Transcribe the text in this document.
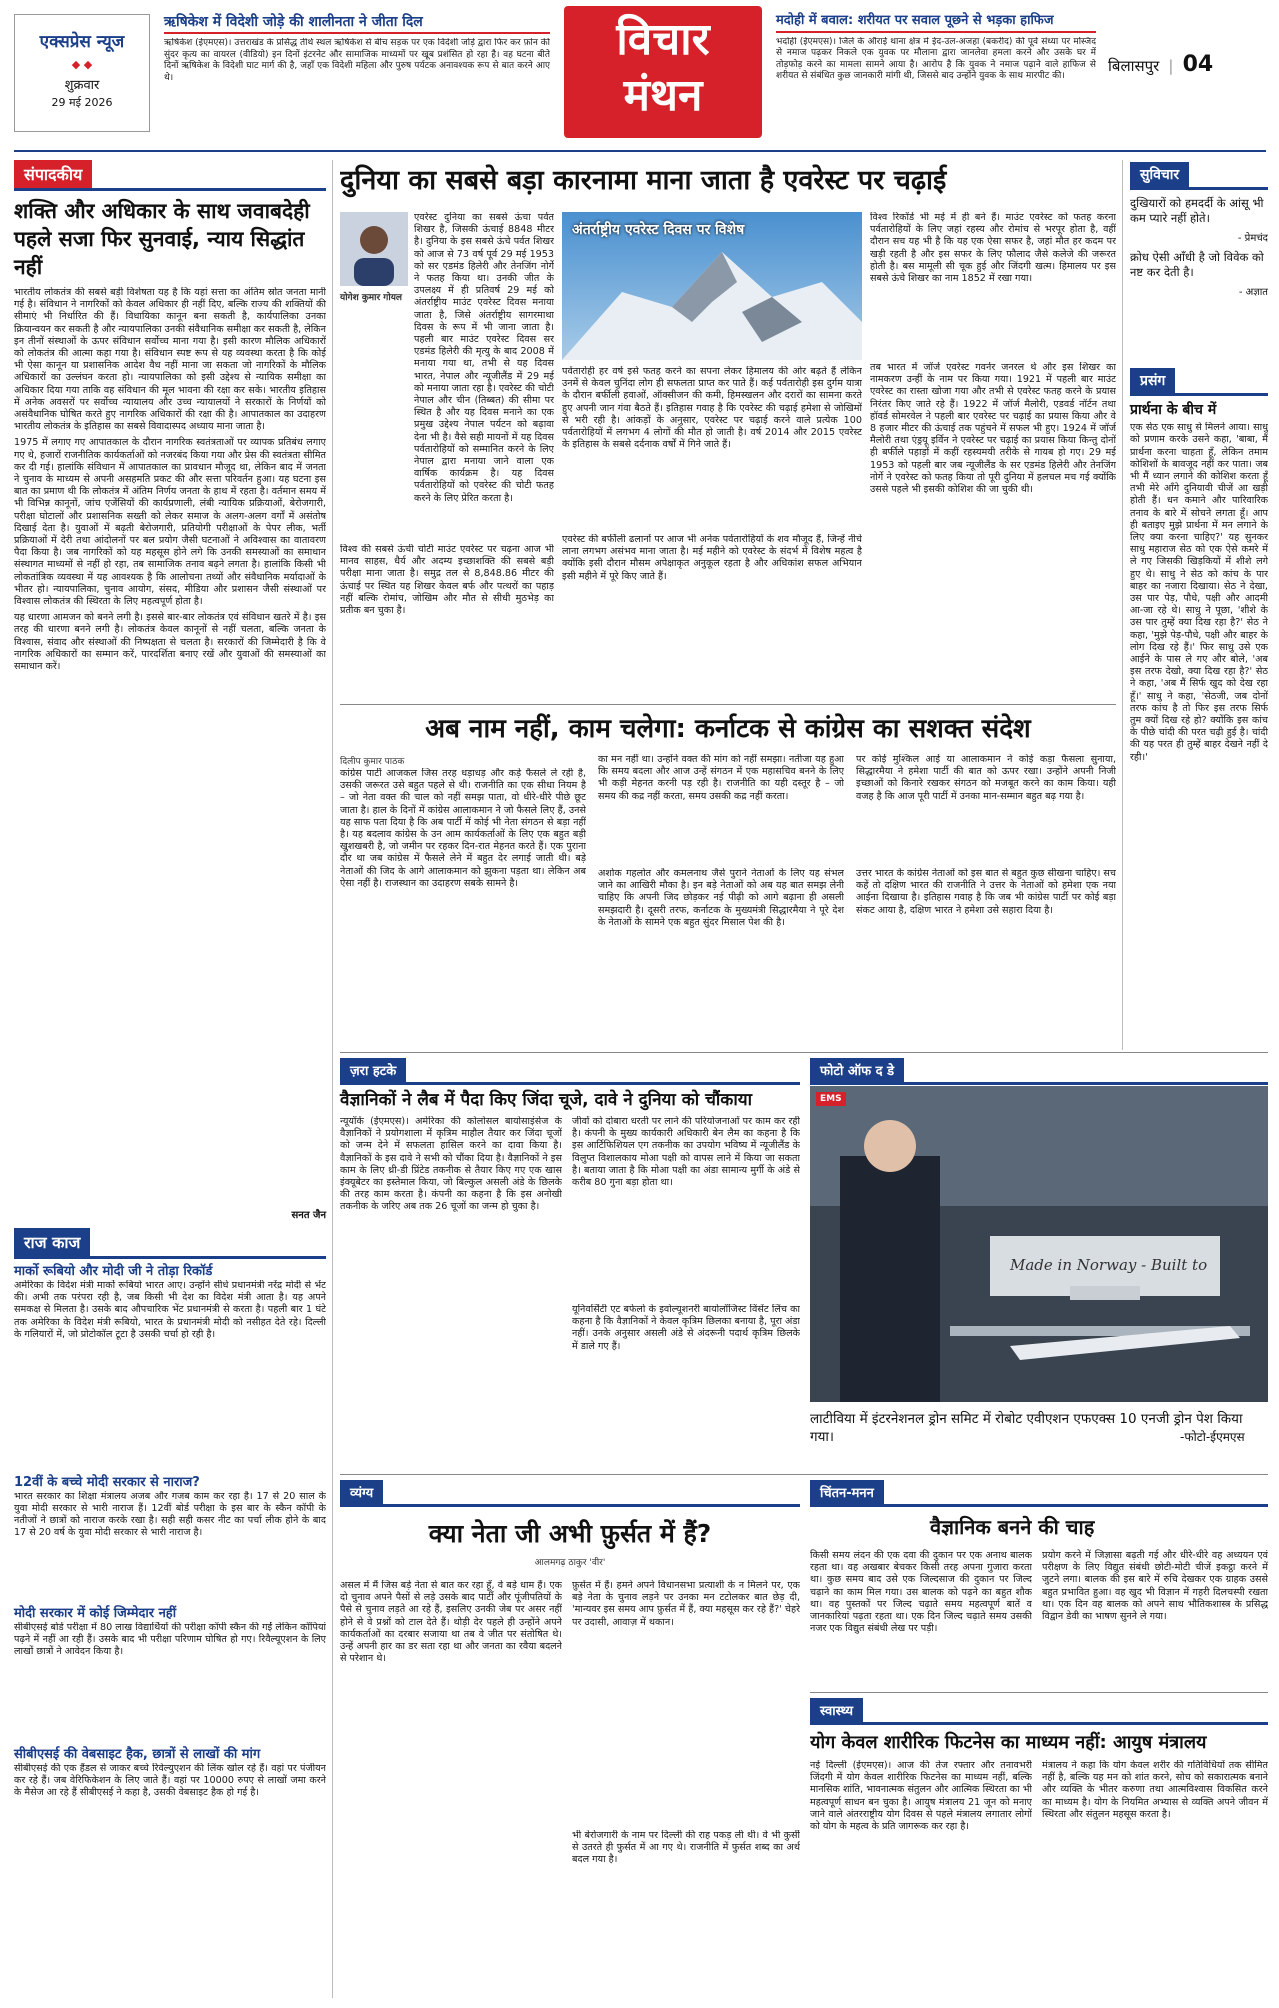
एक्सप्रेस न्यूज
◆ ◆
शुक्रवार
29 मई 2026
ऋषिकेश में विदेशी जोड़े की शालीनता ने जीता दिल
ऋषिकेश (ईएमएस)। उत्तराखंड के प्रसिद्ध तीर्थ स्थल ऋषिकेश से बीच सड़क पर एक विदेशी जोड़े द्वारा फिर कर फ़ोन की सुंदर कृत्य का वायरल (वीडियो) इन दिनों इंटरनेट और सामाजिक माध्यमों पर खूब प्रशंसित हो रहा है। वह घटना बीते दिनों ऋषिकेश के विदेशी घाट मार्ग की है, जहाँ एक विदेशी महिला और पुरुष पर्यटक अनावश्यक रूप से बात करने आए थे।
विचार
मंथन
मदोही में बवाल: शरीयत पर सवाल पूछने से भड़का हाफिज
भदोही (ईएमएस)। जिले के औराई थाना क्षेत्र में ईद-उल-अजहा (बकरीद) की पूर्व संध्या पर मस्जिद से नमाज पढ़कर निकले एक युवक पर मौलाना द्वारा जानलेवा हमला करने और उसके घर में तोड़फोड़ करने का मामला सामने आया है। आरोप है कि युवक ने नमाज पढ़ाने वाले हाफिज से शरीयत से संबंधित कुछ जानकारी मांगी थी, जिससे बाद उन्होंने युवक के साथ मारपीट की।
बिलासपुर | 04
संपादकीय
शक्ति और अधिकार के साथ जवाबदेही पहले सजा फिर सुनवाई, न्याय सिद्धांत नहीं

भारतीय लोकतंत्र की सबसे बड़ी विशेषता यह है कि यहां सत्ता का अंतिम स्रोत जनता मानी गई है। संविधान ने नागरिकों को केवल अधिकार ही नहीं दिए, बल्कि राज्य की शक्तियों की सीमाएं भी निर्धारित की हैं। विधायिका कानून बना सकती है, कार्यपालिका उनका क्रियान्वयन कर सकती है और न्यायपालिका उनकी संवैधानिक समीक्षा कर सकती है, लेकिन इन तीनों संस्थाओं के ऊपर संविधान सर्वोच्च माना गया है। इसी कारण मौलिक अधिकारों को लोकतंत्र की आत्मा कहा गया है। संविधान स्पष्ट रूप से यह व्यवस्था करता है कि कोई भी ऐसा कानून या प्रशासनिक आदेश वैध नहीं माना जा सकता जो नागरिकों के मौलिक अधिकारों का उल्लंघन करता हो। न्यायपालिका को इसी उद्देश्य से न्यायिक समीक्षा का अधिकार दिया गया ताकि वह संविधान की मूल भावना की रक्षा कर सके। भारतीय इतिहास में अनेक अवसरों पर सर्वोच्च न्यायालय और उच्च न्यायालयों ने सरकारों के निर्णयों को असंवैधानिक घोषित करते हुए नागरिक अधिकारों की रक्षा की है। आपातकाल का उदाहरण भारतीय लोकतंत्र के इतिहास का सबसे विवादास्पद अध्याय माना जाता है।

1975 में लगाए गए आपातकाल के दौरान नागरिक स्वतंत्रताओं पर व्यापक प्रतिबंध लगाए गए थे, हजारों राजनीतिक कार्यकर्ताओं को नजरबंद किया गया और प्रेस की स्वतंत्रता सीमित कर दी गई। हालांकि संविधान में आपातकाल का प्रावधान मौजूद था, लेकिन बाद में जनता ने चुनाव के माध्यम से अपनी असहमति प्रकट की और सत्ता परिवर्तन हुआ। यह घटना इस बात का प्रमाण थी कि लोकतंत्र में अंतिम निर्णय जनता के हाथ में रहता है। वर्तमान समय में भी विभिन्न कानूनों, जांच एजेंसियों की कार्यप्रणाली, लंबी न्यायिक प्रक्रियाओं, बेरोजगारी, परीक्षा घोटालों और प्रशासनिक सख्ती को लेकर समाज के अलग-अलग वर्गों में असंतोष दिखाई देता है। युवाओं में बढ़ती बेरोजगारी, प्रतियोगी परीक्षाओं के पेपर लीक, भर्ती प्रक्रियाओं में देरी तथा आंदोलनों पर बल प्रयोग जैसी घटनाओं ने अविश्वास का वातावरण पैदा किया है। जब नागरिकों को यह महसूस होने लगे कि उनकी समस्याओं का समाधान संस्थागत माध्यमों से नहीं हो रहा, तब सामाजिक तनाव बढ़ने लगता है। हालांकि किसी भी लोकतांत्रिक व्यवस्था में यह आवश्यक है कि आलोचना तथ्यों और संवैधानिक मर्यादाओं के भीतर हो। न्यायपालिका, चुनाव आयोग, संसद, मीडिया और प्रशासन जैसी संस्थाओं पर विश्वास लोकतंत्र की स्थिरता के लिए महत्वपूर्ण होता है।

यह धारणा आमजन को बनने लगी है। इससे बार-बार लोकतंत्र एवं संविधान खतरे में है। इस तरह की धारणा बनने लगी है। लोकतंत्र केवल कानूनों से नहीं चलता, बल्कि जनता के विश्वास, संवाद और संस्थाओं की निष्पक्षता से चलता है। सरकारों की जिम्मेदारी है कि वे नागरिक अधिकारों का सम्मान करें, पारदर्शिता बनाए रखें और युवाओं की समस्याओं का समाधान करें।

सनत जैन
राज काज
मार्को रूबियो और मोदी जी ने तोड़ा रिकॉर्ड
अमेरिका के विदेश मंत्री मार्को रूबियो भारत आए। उन्होंने सीधे प्रधानमंत्री नरेंद्र मोदी से भेंट की। अभी तक परंपरा रही है, जब किसी भी देश का विदेश मंत्री आता है। यह अपने समकक्ष से मिलता है। उसके बाद औपचारिक भेंट प्रधानमंत्री से करता है। पहली बार 1 घंटे तक अमेरिका के विदेश मंत्री रूबियो, भारत के प्रधानमंत्री मोदी को नसीहत देते रहे। दिल्ली के गलियारों में, जो प्रोटोकॉल टूटा है उसकी चर्चा हो रही है।
12वीं के बच्चे मोदी सरकार से नाराज?
भारत सरकार का शिक्षा मंत्रालय अजब और गजब काम कर रहा है। 17 से 20 साल के युवा मोदी सरकार से भारी नाराज हैं। 12वीं बोर्ड परीक्षा के इस बार के स्कैन कॉपी के नतीजों ने छात्रों को नाराज करके रखा है। सही सही कसर नीट का पर्चा लीक होने के बाद 17 से 20 वर्ष के युवा मोदी सरकार से भारी नाराज है।
मोदी सरकार में कोई जिम्मेदार नहीं
सीबीएसई बोर्ड परीक्षा में 80 लाख विद्यार्थियों की परीक्षा कॉपी स्कैन की गईं लेकिन कॉपियां पढ़ने में नहीं आ रही हैं। उसके बाद भी परीक्षा परिणाम घोषित हो गए। रिवैल्यूएशन के लिए लाखों छात्रों ने आवेदन किया है।
सीबीएसई की वेबसाइट हैक, छात्रों से लाखों की मांग
सीबीएसई की एक हैंडल से जाकर बच्चे रिवेल्युएशन की लिंक खोल रहे हैं। वहां पर पंजीयन कर रहे हैं। जब वेरिफिकेशन के लिए जाते हैं। वहां पर 10000 रुपए से लाखों जमा करने के मैसेज आ रहे हैं सीबीएसई ने कहा है, उसकी वेबसाइट हैक हो गई है।
दुनिया का सबसे बड़ा कारनामा माना जाता है एवरेस्ट पर चढ़ाई
योगेश कुमार गोयल
एवरेस्ट दुनिया का सबसे ऊंचा पर्वत शिखर है, जिसकी ऊंचाई 8848 मीटर है। दुनिया के इस सबसे ऊंचे पर्वत शिखर को आज से 73 वर्ष पूर्व 29 मई 1953 को सर एडमंड हिलेरी और तेनजिंग नोर्गे ने फतह किया था। उनकी जीत के उपलक्ष्य में ही प्रतिवर्ष 29 मई को अंतर्राष्ट्रीय माउंट एवरेस्ट दिवस मनाया जाता है, जिसे अंतर्राष्ट्रीय सागरमाथा दिवस के रूप में भी जाना जाता है। पहली बार माउंट एवरेस्ट दिवस सर एडमंड हिलेरी की मृत्यु के बाद 2008 में मनाया गया था, तभी से यह दिवस भारत, नेपाल और न्यूजीलैंड में 29 मई को मनाया जाता रहा है। एवरेस्ट की चोटी नेपाल और चीन (तिब्बत) की सीमा पर स्थित है और यह दिवस मनाने का एक प्रमुख उद्देश्य नेपाल पर्यटन को बढ़ावा देना भी है। वैसे सही मायनों में यह दिवस पर्वतारोहियों को सम्मानित करने के लिए नेपाल द्वारा मनाया जाने वाला एक वार्षिक कार्यक्रम है। यह दिवस पर्वतारोहियों को एवरेस्ट की चोटी फतह करने के लिए प्रेरित करता है।
विश्व की सबसे ऊंची चोटी माउंट एवरेस्ट पर चढ़ना आज भी मानव साहस, धैर्य और अदम्य इच्छाशक्ति की सबसे बड़ी परीक्षा माना जाता है। समुद्र तल से 8,848.86 मीटर की ऊंचाई पर स्थित यह शिखर केवल बर्फ और पत्थरों का पहाड़ नहीं बल्कि रोमांच, जोखिम और मौत से सीधी मुठभेड़ का प्रतीक बन चुका है।
अंतर्राष्ट्रीय एवरेस्ट दिवस पर विशेष
पर्वतारोही हर वर्ष इसे फतह करने का सपना लेकर हिमालय की ओर बढ़ते हैं लेकिन उनमें से केवल चुनिंदा लोग ही सफलता प्राप्त कर पाते हैं। कई पर्वतारोही इस दुर्गम यात्रा के दौरान बर्फीली हवाओं, ऑक्सीजन की कमी, हिमस्खलन और दरारों का सामना करते हुए अपनी जान गंवा बैठते हैं। इतिहास गवाह है कि एवरेस्ट की चढ़ाई हमेशा से जोखिमों से भरी रही है। आंकड़ों के अनुसार, एवरेस्ट पर चढ़ाई करने वाले प्रत्येक 100 पर्वतारोहियों में लगभग 4 लोगों की मौत हो जाती है। वर्ष 2014 और 2015 एवरेस्ट के इतिहास के सबसे दर्दनाक वर्षों में गिने जाते हैं।
एवरेस्ट की बर्फीली ढलानों पर आज भी अनेक पर्वतारोहियों के शव मौजूद हैं, जिन्हें नीचे लाना लगभग असंभव माना जाता है। मई महीने को एवरेस्ट के संदर्भ में विशेष महत्व है क्योंकि इसी दौरान मौसम अपेक्षाकृत अनुकूल रहता है और अधिकांश सफल अभियान इसी महीने में पूरे किए जाते हैं।
विश्व रिकॉर्ड भी मई में ही बने हैं। माउंट एवरेस्ट को फतह करना पर्वतारोहियों के लिए जहां रहस्य और रोमांच से भरपूर होता है, वहीं दौरान सच यह भी है कि यह एक ऐसा सफर है, जहां मौत हर कदम पर खड़ी रहती है और इस सफर के लिए फौलाद जैसे कलेजे की जरूरत होती है। बस मामूली सी चूक हुई और जिंदगी खत्म। हिमालय पर इस सबसे ऊंचे शिखर का नाम 1852 में रखा गया।
तब भारत में जॉर्ज एवरेस्ट गवर्नर जनरल थे और इस शिखर का नामकरण उन्हीं के नाम पर किया गया। 1921 में पहली बार माउंट एवरेस्ट का रास्ता खोजा गया और तभी से एवरेस्ट फतह करने के प्रयास निरंतर किए जाते रहे हैं। 1922 में जॉर्ज मैलोरी, एडवर्ड नॉर्टन तथा हॉवर्ड सोमरवेल ने पहली बार एवरेस्ट पर चढ़ाई का प्रयास किया और वे 8 हजार मीटर की ऊंचाई तक पहुंचने में सफल भी हुए। 1924 में जॉर्ज मैलोरी तथा एंड्रयू इर्विन ने एवरेस्ट पर चढ़ाई का प्रयास किया किन्तु दोनों ही बर्फीले पहाड़ों में कहीं रहस्यमयी तरीके से गायब हो गए। 29 मई 1953 को पहली बार जब न्यूजीलैंड के सर एडमंड हिलेरी और तेनजिंग नोर्गे ने एवरेस्ट को फतह किया तो पूरी दुनिया में हलचल मच गई क्योंकि उससे पहले भी इसकी कोशिश की जा चुकी थी।
अब नाम नहीं, काम चलेगा: कर्नाटक से कांग्रेस का सशक्त संदेश
दिलीप कुमार पाठक
कांग्रेस पार्टी आजकल जिस तरह धड़ाधड़ और कड़े फैसले ले रही है, उसकी जरूरत उसे बहुत पहले से थी। राजनीति का एक सीधा नियम है – जो नेता वक्त की चाल को नहीं समझ पाता, वो धीरे-धीरे पीछे छूट जाता है। हाल के दिनों में कांग्रेस आलाकमान ने जो फैसले लिए हैं, उनसे यह साफ पता दिया है कि अब पार्टी में कोई भी नेता संगठन से बड़ा नहीं है। यह बदलाव कांग्रेस के उन आम कार्यकर्ताओं के लिए एक बहुत बड़ी खुशखबरी है, जो जमीन पर रहकर दिन-रात मेहनत करते हैं। एक पुराना दौर था जब कांग्रेस में फैसले लेने में बहुत देर लगाई जाती थी। बड़े नेताओं की जिद के आगे आलाकमान को झुकना पड़ता था। लेकिन अब ऐसा नहीं है। राजस्थान का उदाहरण सबके सामने है।
का मन नहीं था। उन्होंने वक्त की मांग को नहीं समझा। नतीजा यह हुआ कि समय बदला और आज उन्हें संगठन में एक महासचिव बनने के लिए भी कड़ी मेहनत करनी पड़ रही है। राजनीति का यही दस्तूर है – जो समय की कद्र नहीं करता, समय उसकी कद्र नहीं करता।
अशोक गहलोत और कमलनाथ जैसे पुराने नेताओं के लिए यह संभल जाने का आखिरी मौका है। इन बड़े नेताओं को अब यह बात समझ लेनी चाहिए कि अपनी जिद छोड़कर नई पीढ़ी को आगे बढ़ाना ही असली समझदारी है। दूसरी तरफ, कर्नाटक के मुख्यमंत्री सिद्धारमैया ने पूरे देश के नेताओं के सामने एक बहुत सुंदर मिसाल पेश की है।
पर कोई मुश्किल आई या आलाकमान ने कोई कड़ा फैसला सुनाया, सिद्धारमैया ने हमेशा पार्टी की बात को ऊपर रखा। उन्होंने अपनी निजी इच्छाओं को किनारे रखकर संगठन को मजबूत करने का काम किया। यही वजह है कि आज पूरी पार्टी में उनका मान-सम्मान बहुत बढ़ गया है।
उत्तर भारत के कांग्रेस नेताओं को इस बात से बहुत कुछ सीखना चाहिए। सच कहें तो दक्षिण भारत की राजनीति ने उत्तर के नेताओं को हमेशा एक नया आईना दिखाया है। इतिहास गवाह है कि जब भी कांग्रेस पार्टी पर कोई बड़ा संकट आया है, दक्षिण भारत ने हमेशा उसे सहारा दिया है।
सुविचार
दुखियारों को हमदर्दी के आंसू भी कम प्यारे नहीं होते।
- प्रेमचंद
क्रोध ऐसी आँधी है जो विवेक को नष्ट कर देती है।
- अज्ञात
प्रसंग
प्रार्थना के बीच में
एक सेठ एक साधु से मिलने आया। साधु को प्रणाम करके उसने कहा, 'बाबा, मैं प्रार्थना करना चाहता हूँ, लेकिन तमाम कोशिशों के बावजूद नहीं कर पाता। जब भी मैं ध्यान लगाने की कोशिश करता हूँ तभी मेरे आँगे दुनियावी चीजें आ खड़ी होती हैं। धन कमाने और पारिवारिक तनाव के बारे में सोचने लगता हूँ। आप ही बताइए मुझे प्रार्थना में मन लगाने के लिए क्या करना चाहिए?' यह सुनकर साधु महाराज सेठ को एक ऐसे कमरे में ले गए जिसकी खिड़कियों में शीशे लगे हुए थे। साधु ने सेठ को कांच के पार बाहर का नजारा दिखाया। सेठ ने देखा, उस पार पेड़, पौधे, पक्षी और आदमी आ-जा रहे थे। साधु ने पूछा, 'शीशे के उस पार तुम्हें क्या दिख रहा है?' सेठ ने कहा, 'मुझे पेड़-पौधे, पक्षी और बाहर के लोग दिख रहे हैं।' फिर साधु उसे एक आईने के पास ले गए और बोले, 'अब इस तरफ देखो, क्या दिख रहा है?' सेठ ने कहा, 'अब मैं सिर्फ खुद को देख रहा हूँ।' साधु ने कहा, 'सेठजी, जब दोनों तरफ कांच है तो फिर इस तरफ सिर्फ तुम क्यों दिख रहे हो? क्योंकि इस कांच के पीछे चांदी की परत चढ़ी हुई है। चांदी की यह परत ही तुम्हें बाहर देखने नहीं दे रही।'
ज़रा हटके
वैज्ञानिकों ने लैब में पैदा किए जिंदा चूजे, दावे ने दुनिया को चौंकाया
न्यूयॉर्क (ईएमएस)। अमेरिका की कोलोसल बायोसाइंसेज के वैज्ञानिकों ने प्रयोगशाला में कृत्रिम माहौल तैयार कर जिंदा चूजों को जन्म देने में सफलता हासिल करने का दावा किया है। वैज्ञानिकों के इस दावे ने सभी को चौंका दिया है। वैज्ञानिकों ने इस काम के लिए थ्री-डी प्रिंटेड तकनीक से तैयार किए गए एक खास इंक्यूबेटर का इस्तेमाल किया, जो बिल्कुल असली अंडे के छिलके की तरह काम करता है। कंपनी का कहना है कि इस अनोखी तकनीक के जरिए अब तक 26 चूजों का जन्म हो चुका है।
जीवों को दोबारा धरती पर लाने की परियोजनाओं पर काम कर रही है। कंपनी के मुख्य कार्यकारी अधिकारी बेन लैम का कहना है कि इस आर्टिफिशियल एग तकनीक का उपयोग भविष्य में न्यूजीलैंड के विलुप्त विशालकाय मोआ पक्षी को वापस लाने में किया जा सकता है। बताया जाता है कि मोआ पक्षी का अंडा सामान्य मुर्गी के अंडे से करीब 80 गुना बड़ा होता था।
यूनिवर्सिटी एट बफेलो के इवोल्यूशनरी बायोलॉजिस्ट विंसेंट लिंच का कहना है कि वैज्ञानिकों ने केवल कृत्रिम छिलका बनाया है, पूरा अंडा नहीं। उनके अनुसार असली अंडे से अंदरूनी पदार्थ कृत्रिम छिलके में डाले गए हैं।
फोटो ऑफ द डे
Made in Norway - Built to
EMS
लाटीविया में इंटरनेशनल ड्रोन समिट में रोबोट एवीएशन एफएक्स 10 एनजी ड्रोन पेश किया गया।	-फोटो-ईएमएस
व्यंग्य
क्या नेता जी अभी फ़ुर्सत में हैं?
आलमगढ़ ठाकुर 'वीर'
असल में मैं जिस बड़े नेता से बात कर रहा हूँ, वे बड़े धाम हैं। एक दो चुनाव अपने पैसों से लड़े उसके बाद पार्टी और पूंजीपतियों के पैसे से चुनाव लड़ते आ रहे हैं, इसलिए उनकी जेब पर असर नहीं होने से वे प्रश्नों को टाल देते हैं। थोड़ी देर पहले ही उन्होंने अपने कार्यकर्ताओं का दरबार सजाया था तब वे जीत पर संतोषित थे। उन्हें अपनी हार का डर सता रहा था और जनता का रवैया बदलने से परेशान थे।
फ़ुर्सत में हैं। हमने अपने विधानसभा प्रत्याशी के न मिलने पर, एक बड़े नेता के चुनाव लड़ने पर उनका मन टटोलकर बात छेड़ दी, 'मान्यवर इस समय आप फ़ुर्सत में हैं, क्या महसूस कर रहे हैं?' चेहरे पर उदासी, आवाज़ में थकान।
भी बेरोजगारी के नाम पर दिल्ली की राह पकड़ ली थी। वे भी कुर्सी से उतरते ही फुर्सत में आ गए थे। राजनीति में फुर्सत शब्द का अर्थ बदल गया है।
चिंतन-मनन
वैज्ञानिक बनने की चाह
किसी समय लंदन की एक दवा की दुकान पर एक अनाथ बालक रहता था। वह अखबार बेचकर किसी तरह अपना गुजारा करता था। कुछ समय बाद उसे एक जिल्दसाज की दुकान पर जिल्द चढ़ाने का काम मिल गया। उस बालक को पढ़ने का बहुत शौक था। वह पुस्तकों पर जिल्द चढ़ाते समय महत्वपूर्ण बातें व जानकारियां पढ़ता रहता था। एक दिन जिल्द चढ़ाते समय उसकी नजर एक विद्युत संबंधी लेख पर पड़ी।
प्रयोग करने में जिज्ञासा बढ़ती गई और धीरे-धीरे वह अध्ययन एवं परीक्षण के लिए विद्युत संबंधी छोटी-मोटी चीजें इकट्ठा करने में जुटने लगा। बालक की इस बारे में रुचि देखकर एक ग्राहक उससे बहुत प्रभावित हुआ। वह खुद भी विज्ञान में गहरी दिलचस्पी रखता था। एक दिन वह बालक को अपने साथ भौतिकशास्त्र के प्रसिद्ध विद्वान डेवी का भाषण सुनने ले गया।
स्वास्थ्य
योग केवल शारीरिक फिटनेस का माध्यम नहीं: आयुष मंत्रालय
नई दिल्ली (ईएमएस)। आज की तेज रफ्तार और तनावभरी जिंदगी में योग केवल शारीरिक फिटनेस का माध्यम नहीं, बल्कि मानसिक शांति, भावनात्मक संतुलन और आत्मिक स्थिरता का भी महत्वपूर्ण साधन बन चुका है। आयुष मंत्रालय 21 जून को मनाए जाने वाले अंतरराष्ट्रीय योग दिवस से पहले मंत्रालय लगातार लोगों को योग के महत्व के प्रति जागरूक कर रहा है।
मंत्रालय ने कहा कि योग केवल शरीर की गतिविधियों तक सीमित नहीं है, बल्कि यह मन को शांत करने, सोच को सकारात्मक बनाने और व्यक्ति के भीतर करुणा तथा आत्मविश्वास विकसित करने का माध्यम है। योग के नियमित अभ्यास से व्यक्ति अपने जीवन में स्थिरता और संतुलन महसूस करता है।
